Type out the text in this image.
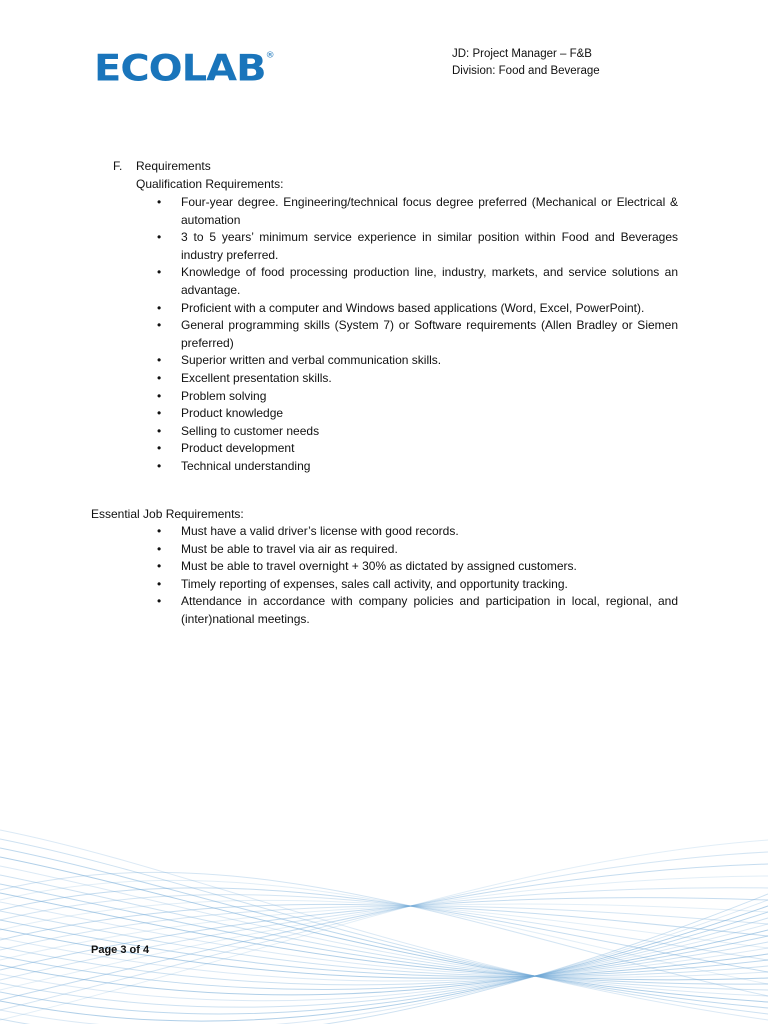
ECOLAB ®	JD: Project Manager – F&B
Division: Food and Beverage
F. Requirements
Qualification Requirements:
• Four-year degree. Engineering/technical focus degree preferred (Mechanical or Electrical & automation
• 3 to 5 years’ minimum service experience in similar position within Food and Beverages industry preferred.
• Knowledge of food processing production line, industry, markets, and service solutions an advantage.
• Proficient with a computer and Windows based applications (Word, Excel, PowerPoint).
• General programming skills (System 7) or Software requirements (Allen Bradley or Siemen preferred)
• Superior written and verbal communication skills.
• Excellent presentation skills.
• Problem solving
• Product knowledge
• Selling to customer needs
• Product development
• Technical understanding
Essential Job Requirements:
• Must have a valid driver’s license with good records.
• Must be able to travel via air as required.
• Must be able to travel overnight + 30% as dictated by assigned customers.
• Timely reporting of expenses, sales call activity, and opportunity tracking.
• Attendance in accordance with company policies and participation in local, regional, and (inter)national meetings.
Page 3 of 4
